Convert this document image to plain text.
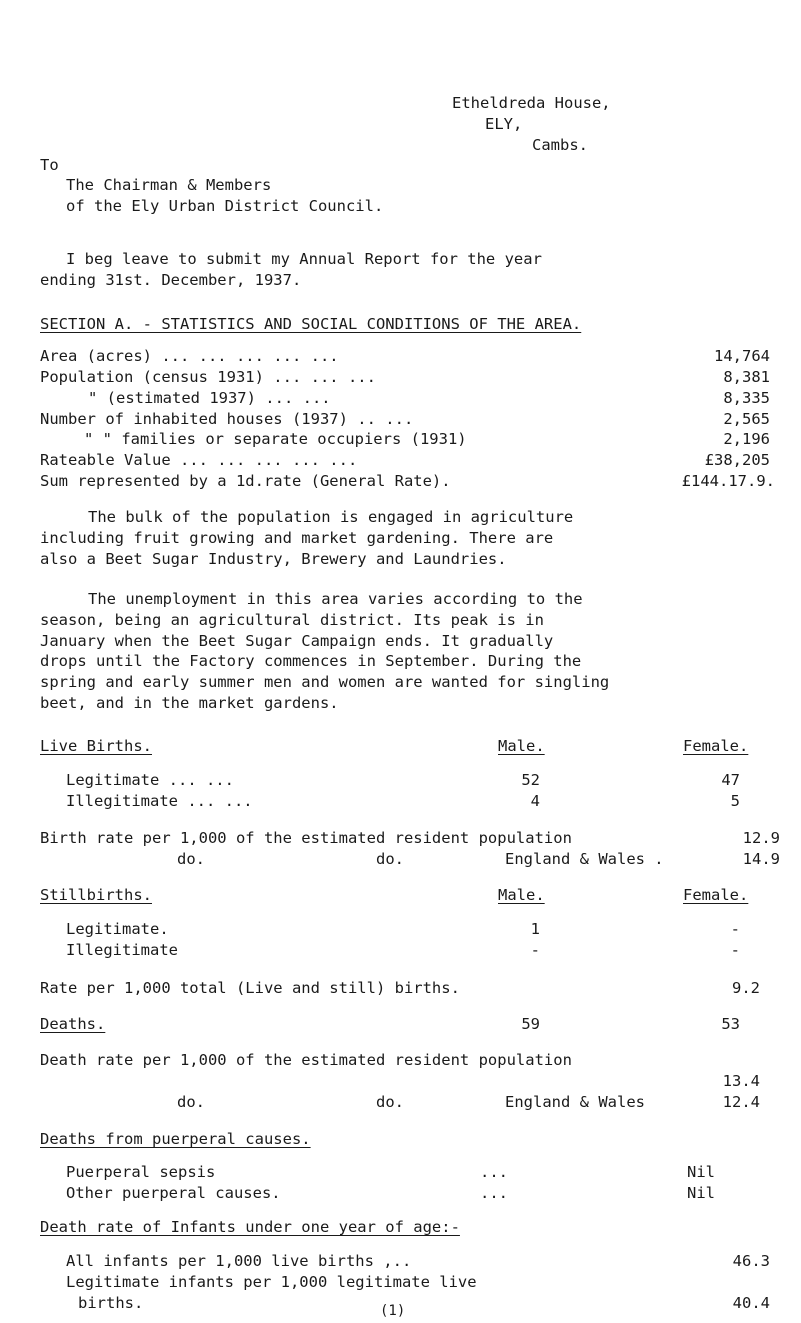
Etheldreda House,
ELY,
Cambs.
To
The Chairman & Members
of the Ely Urban District Council.
I beg leave to submit my Annual Report for the year
ending 31st. December, 1937.
SECTION A. - STATISTICS AND SOCIAL CONDITIONS OF THE AREA.
Area (acres) ... ... ... ... ...	14,764
Population (census 1931) ... ... ...	8,381
" (estimated 1937) ... ...	8,335
Number of inhabited houses (1937) .. ...	2,565
" " families or separate occupiers (1931)	2,196
Rateable Value ... ... ... ... ...	£38,205
Sum represented by a 1d.rate (General Rate).	£144.17.9.
The bulk of the population is engaged in agriculture
including fruit growing and market gardening. There are
also a Beet Sugar Industry, Brewery and Laundries.
The unemployment in this area varies according to the
season, being an agricultural district. Its peak is in
January when the Beet Sugar Campaign ends. It gradually
drops until the Factory commences in September. During the
spring and early summer men and women are wanted for singling
beet, and in the market gardens.
Live Births.	Male.	Female.
Legitimate ... ...	52	47
Illegitimate ... ...	4	5
Birth rate per 1,000 of the estimated resident population	12.9
do.	do.	England & Wales .	14.9
Stillbirths.	Male.	Female.
Legitimate.	1	-
Illegitimate	-	-
Rate per 1,000 total (Live and still) births.	9.2
Deaths.	59	53
Death rate per 1,000 of the estimated resident population
13.4
do.	do.	England & Wales	12.4
Deaths from puerperal causes.
Puerperal sepsis	...	Nil
Other puerperal causes.	...	Nil
Death rate of Infants under one year of age:-
All infants per 1,000 live births ,..	46.3
Legitimate infants per 1,000 legitimate live
births.	40.4
(1)
